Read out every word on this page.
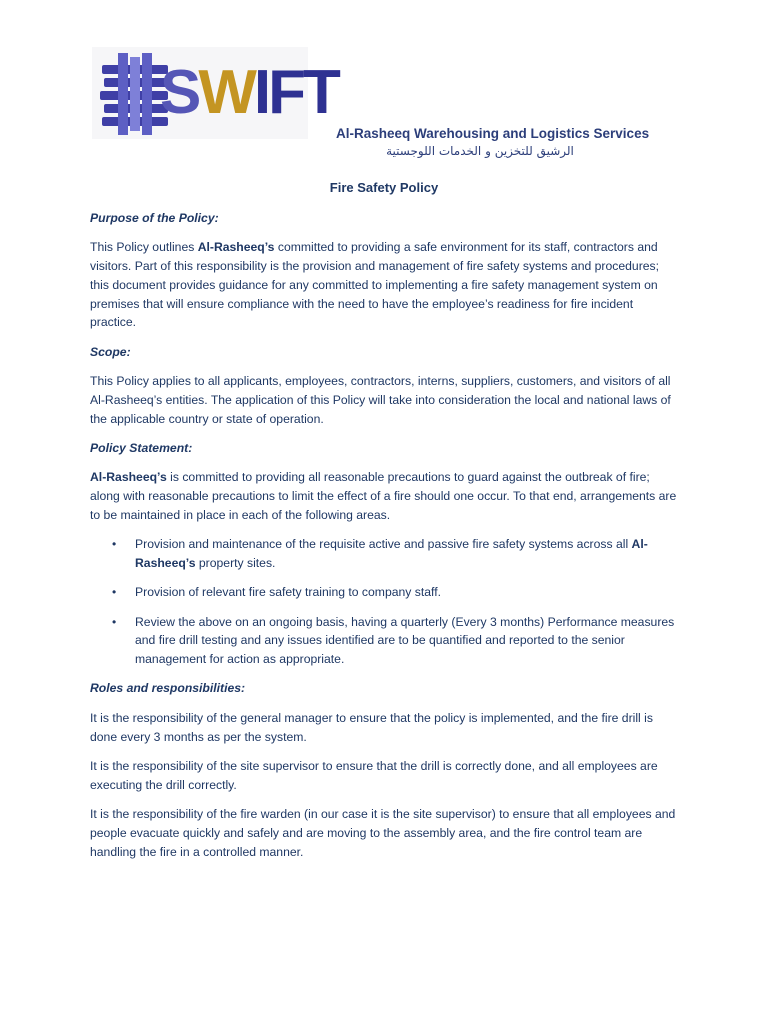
SWIFT
Al-Rasheeq Warehousing and Logistics Services
الرشيق للتخزين و الخدمات اللوجستية
Fire Safety Policy

Purpose of the Policy:

This Policy outlines Al-Rasheeq’s committed to providing a safe environment for its staff, contractors and visitors. Part of this responsibility is the provision and management of fire safety systems and procedures; this document provides guidance for any committed to implementing a fire safety management system on premises that will ensure compliance with the need to have the employee’s readiness for fire incident practice.

Scope:

This Policy applies to all applicants, employees, contractors, interns, suppliers, customers, and visitors of all Al-Rasheeq’s entities. The application of this Policy will take into consideration the local and national laws of the applicable country or state of operation.

Policy Statement:

Al-Rasheeq’s is committed to providing all reasonable precautions to guard against the outbreak of fire; along with reasonable precautions to limit the effect of a fire should one occur. To that end, arrangements are to be maintained in place in each of the following areas.

• Provision and maintenance of the requisite active and passive fire safety systems across all Al-Rasheeq’s property sites.
• Provision of relevant fire safety training to company staff.
• Review the above on an ongoing basis, having a quarterly (Every 3 months) Performance measures and fire drill testing and any issues identified are to be quantified and reported to the senior management for action as appropriate.

Roles and responsibilities:

It is the responsibility of the general manager to ensure that the policy is implemented, and the fire drill is done every 3 months as per the system.

It is the responsibility of the site supervisor to ensure that the drill is correctly done, and all employees are executing the drill correctly.

It is the responsibility of the fire warden (in our case it is the site supervisor) to ensure that all employees and people evacuate quickly and safely and are moving to the assembly area, and the fire control team are handling the fire in a controlled manner.
